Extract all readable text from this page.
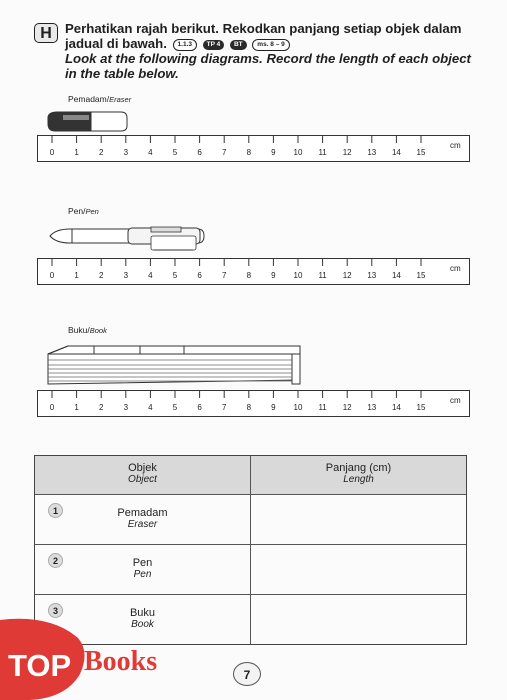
H	Perhatikan rajah berikut. Rekodkan panjang setiap objek dalam jadual di bawah. 1.1.3 TP 4 BT ms. 8 – 9
Look at the following diagrams. Record the length of each object in the table below.
Pemadam/Eraser
0	1	2	3	4	5	6	7	8	9 10 11 12 13 14 15
cm
Pen/Pen
0	1	2	3	4	5	6	7	8	9 10 11 12 13 14 15
cm
Buku/Book
0	1	2	3	4	5	6	7	8	9 10 11 12 13 14 15
cm
Objek
Object
Panjang (cm)
Length
1	Pemadam
Eraser
2	Pen
Pen
3	Buku
Book
TOP Books	7
